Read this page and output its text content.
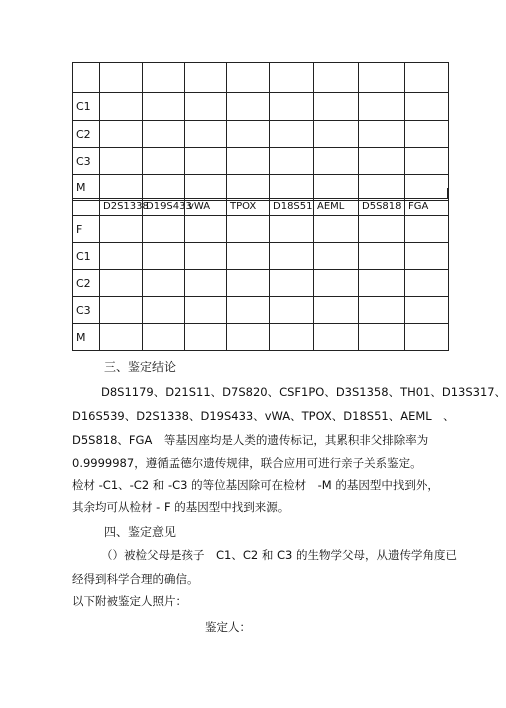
C1								
C2								
C3								
M								
	D2S1338	D19S433	vWA	TPOX	D18S51	AEML	D5S818	FGA
F								
C1								
C2								
C3								
M								
三、鉴定结论
D8S1179、D21S11、D7S820、CSF1PO、D3S1358、TH01、D13S317、
D16S539、D2S1338、D19S433、vWA、TPOX、D18S51、AEML　、
D5S818、FGA　等基因座均是人类的遗传标记，其累积非父排除率为
0.9999987，遵循孟德尔遗传规律，联合应用可进行亲子关系鉴定。
检材 -C1、-C2 和 -C3 的等位基因除可在检材　-M 的基因型中找到外，
其余均可从检材 - F 的基因型中找到来源。
四、鉴定意见
（）被检父母是孩子　C1、C2 和 C3 的生物学父母，从遗传学角度已
经得到科学合理的确信。
以下附被鉴定人照片：
鉴定人：
